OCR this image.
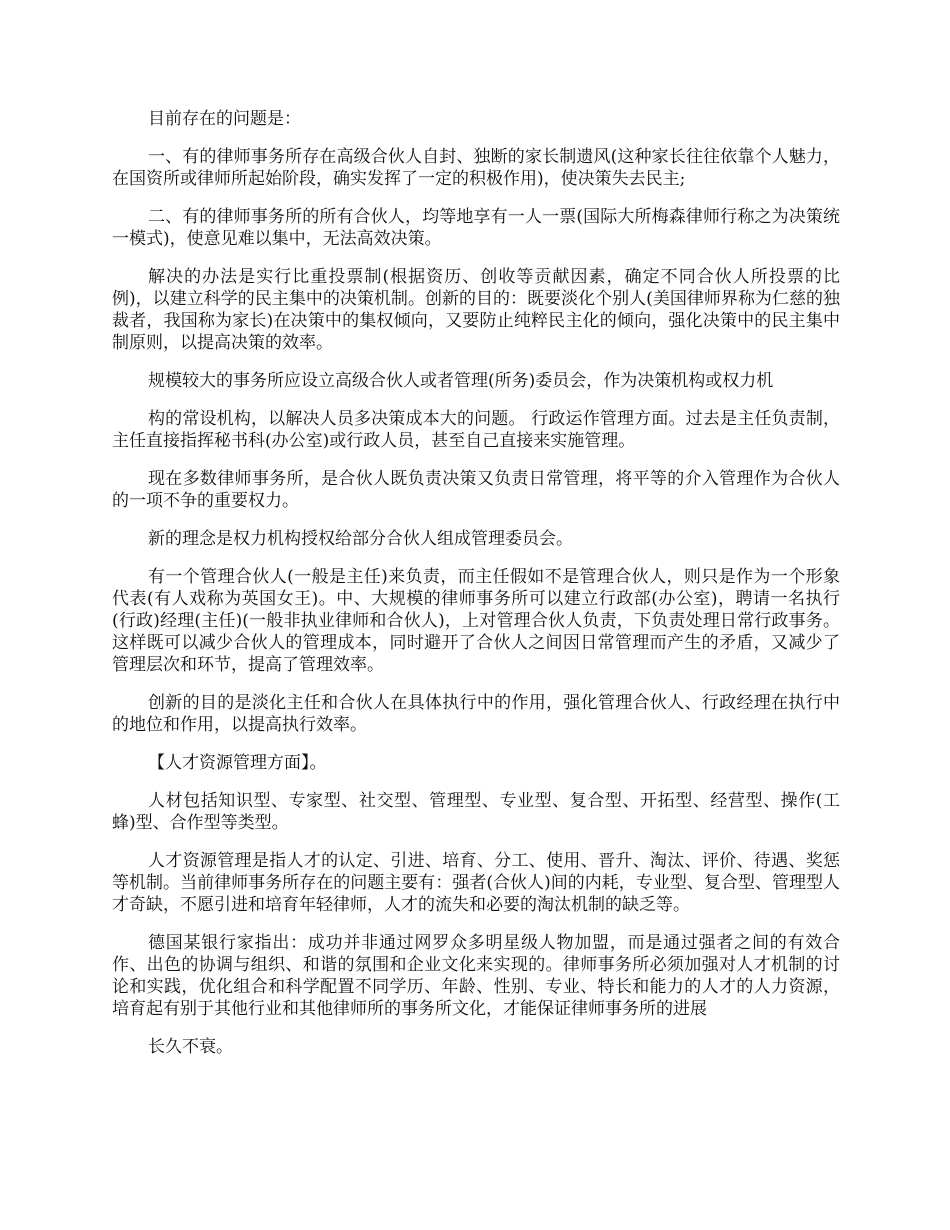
目前存在的问题是：

一、有的律师事务所存在高级合伙人自封、独断的家长制遗风(这种家长往往依靠个人魅力，在国资所或律师所起始阶段，确实发挥了一定的积极作用)，使决策失去民主;

二、有的律师事务所的所有合伙人，均等地享有一人一票(国际大所梅森律师行称之为决策统一模式)，使意见难以集中，无法高效决策。

解决的办法是实行比重投票制(根据资历、创收等贡献因素，确定不同合伙人所投票的比例)，以建立科学的民主集中的决策机制。创新的目的：既要淡化个别人(美国律师界称为仁慈的独裁者，我国称为家长)在决策中的集权倾向，又要防止纯粹民主化的倾向，强化决策中的民主集中制原则，以提高决策的效率。

规模较大的事务所应设立高级合伙人或者管理(所务)委员会，作为决策机构或权力机

构的常设机构，以解决人员多决策成本大的问题。 行政运作管理方面。过去是主任负责制，主任直接指挥秘书科(办公室)或行政人员，甚至自己直接来实施管理。

现在多数律师事务所，是合伙人既负责决策又负责日常管理，将平等的介入管理作为合伙人的一项不争的重要权力。

新的理念是权力机构授权给部分合伙人组成管理委员会。

有一个管理合伙人(一般是主任)来负责，而主任假如不是管理合伙人，则只是作为一个形象代表(有人戏称为英国女王)。中、大规模的律师事务所可以建立行政部(办公室)，聘请一名执行(行政)经理(主任)(一般非执业律师和合伙人)，上对管理合伙人负责，下负责处理日常行政事务。这样既可以减少合伙人的管理成本，同时避开了合伙人之间因日常管理而产生的矛盾，又减少了管理层次和环节，提高了管理效率。

创新的目的是淡化主任和合伙人在具体执行中的作用，强化管理合伙人、行政经理在执行中的地位和作用，以提高执行效率。

【人才资源管理方面】。

人材包括知识型、专家型、社交型、管理型、专业型、复合型、开拓型、经营型、操作(工蜂)型、合作型等类型。

人才资源管理是指人才的认定、引进、培育、分工、使用、晋升、淘汰、评价、待遇、奖惩等机制。当前律师事务所存在的问题主要有：强者(合伙人)间的内耗，专业型、复合型、管理型人才奇缺，不愿引进和培育年轻律师，人才的流失和必要的淘汰机制的缺乏等。

德国某银行家指出：成功并非通过网罗众多明星级人物加盟，而是通过强者之间的有效合作、出色的协调与组织、和谐的氛围和企业文化来实现的。律师事务所必须加强对人才机制的讨论和实践，优化组合和科学配置不同学历、年龄、性别、专业、特长和能力的人才的人力资源，培育起有别于其他行业和其他律师所的事务所文化，才能保证律师事务所的进展

长久不衰。
